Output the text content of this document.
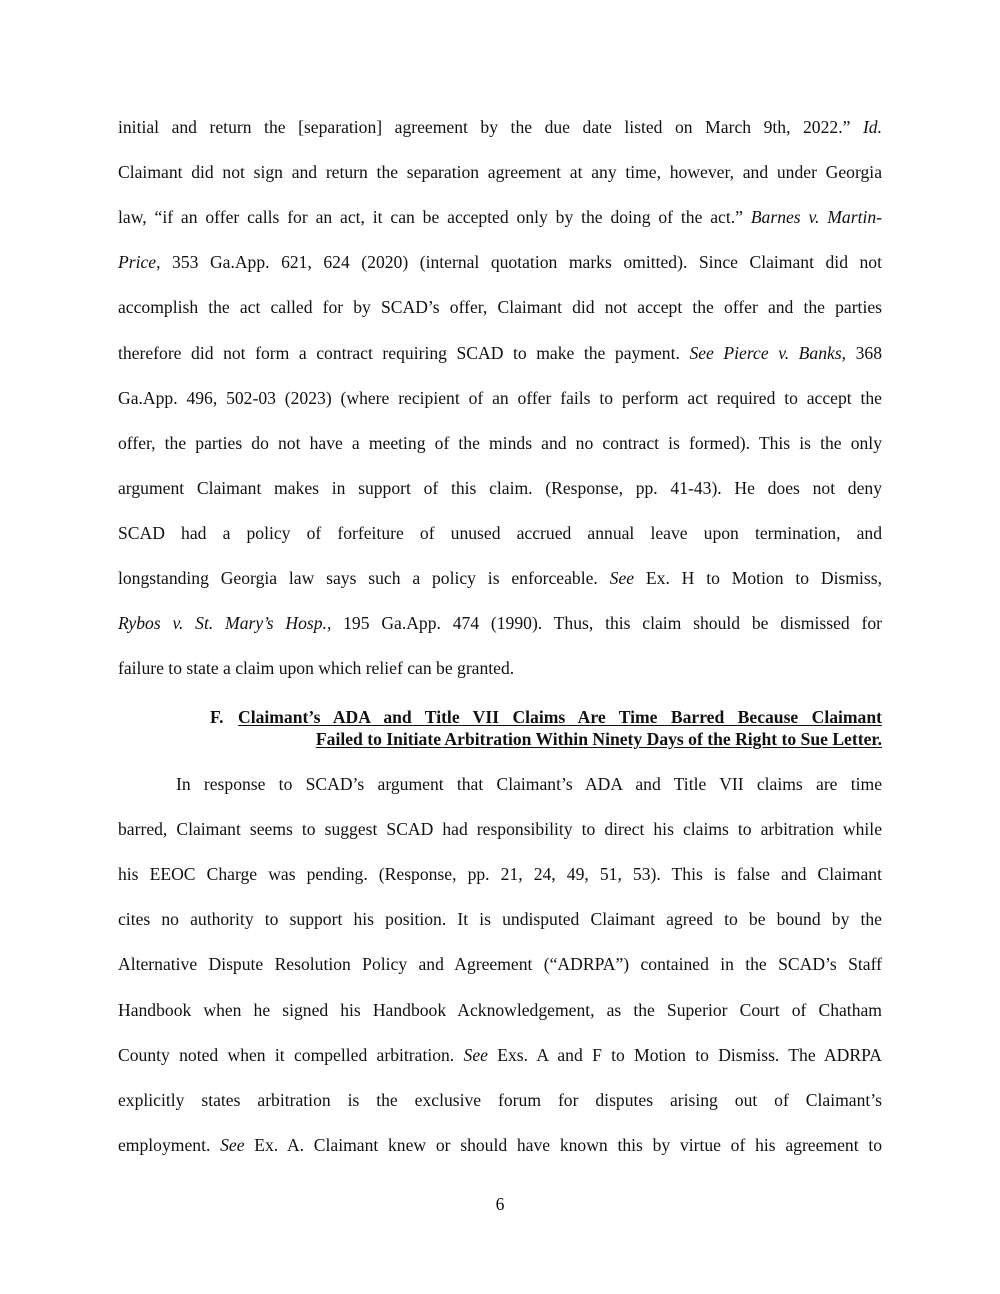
initial and return the [separation] agreement by the due date listed on March 9th, 2022.” Id.
Claimant did not sign and return the separation agreement at any time, however, and under Georgia
law, “if an offer calls for an act, it can be accepted only by the doing of the act.” Barnes v. Martin-
Price, 353 Ga.App. 621, 624 (2020) (internal quotation marks omitted). Since Claimant did not
accomplish the act called for by SCAD’s offer, Claimant did not accept the offer and the parties
therefore did not form a contract requiring SCAD to make the payment. See Pierce v. Banks, 368
Ga.App. 496, 502-03 (2023) (where recipient of an offer fails to perform act required to accept the
offer, the parties do not have a meeting of the minds and no contract is formed). This is the only
argument Claimant makes in support of this claim. (Response, pp. 41-43). He does not deny
SCAD had a policy of forfeiture of unused accrued annual leave upon termination, and
longstanding Georgia law says such a policy is enforceable. See Ex. H to Motion to Dismiss,
Rybos v. St. Mary’s Hosp., 195 Ga.App. 474 (1990). Thus, this claim should be dismissed for
failure to state a claim upon which relief can be granted.
F. Claimant’s ADA and Title VII Claims Are Time Barred Because Claimant
Failed to Initiate Arbitration Within Ninety Days of the Right to Sue Letter.
In response to SCAD’s argument that Claimant’s ADA and Title VII claims are time
barred, Claimant seems to suggest SCAD had responsibility to direct his claims to arbitration while
his EEOC Charge was pending. (Response, pp. 21, 24, 49, 51, 53). This is false and Claimant
cites no authority to support his position. It is undisputed Claimant agreed to be bound by the
Alternative Dispute Resolution Policy and Agreement (“ADRPA”) contained in the SCAD’s Staff
Handbook when he signed his Handbook Acknowledgement, as the Superior Court of Chatham
County noted when it compelled arbitration. See Exs. A and F to Motion to Dismiss. The ADRPA
explicitly states arbitration is the exclusive forum for disputes arising out of Claimant’s
employment. See Ex. A. Claimant knew or should have known this by virtue of his agreement to
6
